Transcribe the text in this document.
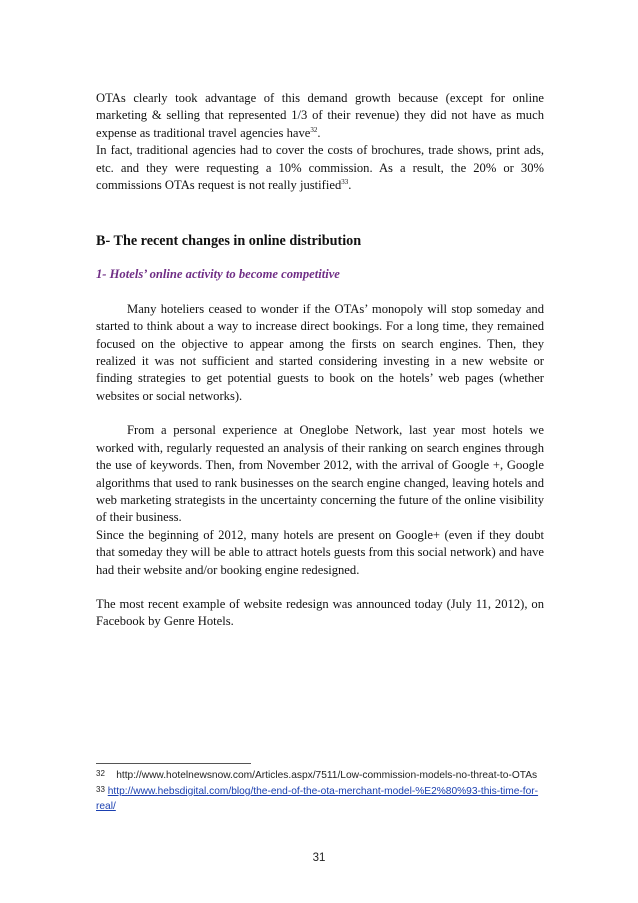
OTAs clearly took advantage of this demand growth because (except for online marketing & selling that represented 1/3 of their revenue) they did not have as much expense as traditional travel agencies have$^{32}$.

In fact, traditional agencies had to cover the costs of brochures, trade shows, print ads, etc. and they were requesting a 10% commission. As a result, the 20% or 30% commissions OTAs request is not really justified$^{33}$.

B- The recent changes in online distribution

1- Hotels’ online activity to become competitive

Many hoteliers ceased to wonder if the OTAs’ monopoly will stop someday and started to think about a way to increase direct bookings. For a long time, they remained focused on the objective to appear among the firsts on search engines. Then, they realized it was not sufficient and started considering investing in a new website or finding strategies to get potential guests to book on the hotels’ web pages (whether websites or social networks).

From a personal experience at Oneglobe Network, last year most hotels we worked with, regularly requested an analysis of their ranking on search engines through the use of keywords. Then, from November 2012, with the arrival of Google +, Google algorithms that used to rank businesses on the search engine changed, leaving hotels and web marketing strategists in the uncertainty concerning the future of the online visibility of their business.

Since the beginning of 2012, many hotels are present on Google+ (even if they doubt that someday they will be able to attract hotels guests from this social network) and have had their website and/or booking engine redesigned.

The most recent example of website redesign was announced today (July 11, 2012), on Facebook by Genre Hotels.

$^{32}$ http://www.hotelnewsnow.com/Articles.aspx/7511/Low-commission-models-no-threat-to-OTAs
$^{33}$ http://www.hebsdigital.com/blog/the-end-of-the-ota-merchant-model-%E2%80%93-this-time-for-real/
31
